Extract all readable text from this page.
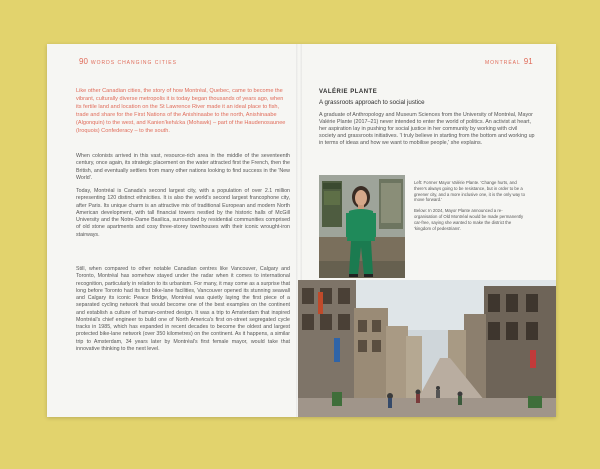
90 WORDS CHANGING CITIES

Like other Canadian cities, the story of how Montréal, Quebec, came to become the vibrant, culturally diverse metropolis it is today began thousands of years ago, when its fertile land and location on the St Lawrence River made it an ideal place to fish, trade and share for the First Nations of the Anishinaabe to the north, Anishinaabe (Algonquin) to the west, and Kanien'kehá:ka (Mohawk) – part of the Haudenosaunee (Iroquois) Confederacy – to the south.

When colonists arrived in this vast, resource-rich area in the middle of the seventeenth century, once again, its strategic placement on the water attracted first the French, then the British, and eventually settlers from many other nations looking to find success in the 'New World'.

Today, Montréal is Canada's second largest city, with a population of over 2.1 million representing 120 distinct ethnicities. It is also the world's second largest francophone city, after Paris. Its unique charm is an attractive mix of traditional European and modern North American development, with tall financial towers nestled by the historic halls of McGill University and the Notre-Dame Basilica, surrounded by residential communities comprised of old stone apartments and cosy three-storey townhouses with their iconic wrought-iron stairways.

Still, when compared to other notable Canadian centres like Vancouver, Calgary and Toronto, Montréal has somehow stayed under the radar when it comes to international recognition, particularly in relation to its urbanism. For many, it may come as a surprise that long before Toronto had its first bike-lane facilities, Vancouver opened its stunning seawall and Calgary its iconic Peace Bridge, Montréal was quietly laying the first piece of a separated cycling network that would become one of the best examples on the continent and establish a culture of human-centred design. It was a trip to Amsterdam that inspired Montréal's chief engineer to build one of North America's first on-street segregated cycle tracks in 1985, which has expanded in recent decades to become the oldest and largest protected bike-lane network (over 350 kilometres) on the continent. As it happens, a similar trip to Amsterdam, 34 years later by Montréal's first female mayor, would take that innovative thinking to the next level.

MONTRÉAL 91

VALÉRIE PLANTE

A grassroots approach to social justice

A graduate of Anthropology and Museum Sciences from the University of Montréal, Mayor Valérie Plante (2017–21) never intended to enter the world of politics. An activist at heart, her aspiration lay in pushing for social justice in her community by working with civil society and grassroots initiatives. 'I truly believe in starting from the bottom and working up in terms of ideas and how we want to mobilise people,' she explains.

Left: Former Mayor Valérie Plante. 'Change hurts, and there's always going to be resistance, but in order to be a greener city, and a more inclusive one, it is the only way to move forward.'

Below: In 2024, Mayor Plante announced a re-organisation of Old Montréal would be made permanently car-free, saying she wanted to make the district the 'kingdom of pedestrians'.
